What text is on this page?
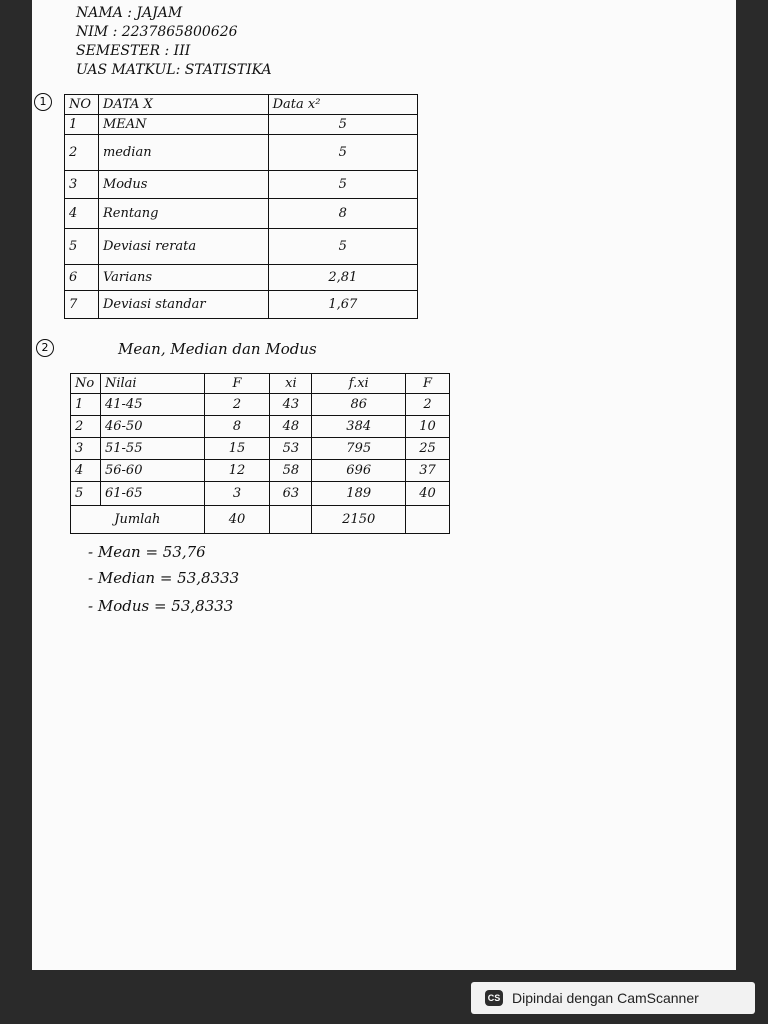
NAMA : JAJAM
NIM : 2237865800626
SEMESTER : III
UAS MATKUL: STATISTIKA
1	NO	DATA X	Data x²
1	MEAN	5
2	median	5
3	Modus	5
4	Rentang	8
5	Deviasi rerata	5
6	Varians	2,81
7	Deviasi standar	1,67
2	Mean, Median dan Modus
No	Nilai	F	xi	f.xi	F
1	41-45	2	43	86	2
2	46-50	8	48	384	10
3	51-55	15	53	795	25
4	56-60	12	58	696	37
5	61-65	3	63	189	40
Jumlah		40		2150	
- Mean = 53,76
- Median = 53,8333
- Modus = 53,8333
CS Dipindai dengan CamScanner
